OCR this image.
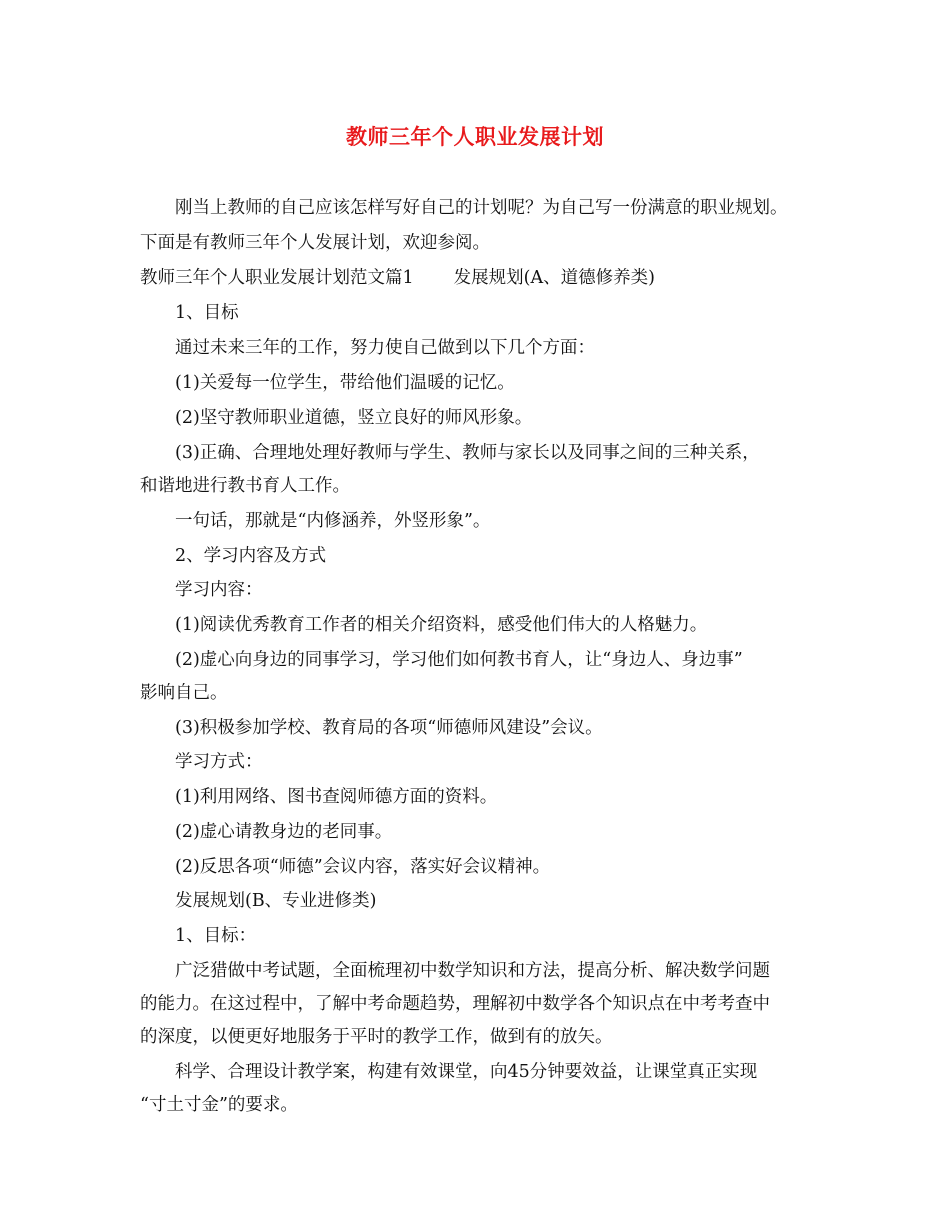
教师三年个人职业发展计划
刚当上教师的自己应该怎样写好自己的计划呢？为自己写一份满意的职业规划。
下面是有教师三年个人发展计划，欢迎参阅。
教师三年个人职业发展计划范文篇1 发展规划(A、道德修养类)
1、目标
通过未来三年的工作，努力使自己做到以下几个方面：
(1)关爱每一位学生，带给他们温暖的记忆。
(2)坚守教师职业道德，竖立良好的师风形象。
(3)正确、合理地处理好教师与学生、教师与家长以及同事之间的三种关系，
和谐地进行教书育人工作。
一句话，那就是“内修涵养，外竖形象”。
2、学习内容及方式
学习内容：
(1)阅读优秀教育工作者的相关介绍资料，感受他们伟大的人格魅力。
(2)虚心向身边的同事学习，学习他们如何教书育人，让“身边人、身边事”
影响自己。
(3)积极参加学校、教育局的各项“师德师风建设”会议。
学习方式：
(1)利用网络、图书查阅师德方面的资料。
(2)虚心请教身边的老同事。
(2)反思各项“师德”会议内容，落实好会议精神。
发展规划(B、专业进修类)
1、目标：
广泛猎做中考试题，全面梳理初中数学知识和方法，提高分析、解决数学问题
的能力。在这过程中，了解中考命题趋势，理解初中数学各个知识点在中考考查中
的深度，以便更好地服务于平时的教学工作，做到有的放矢。
科学、合理设计教学案，构建有效课堂，向45分钟要效益，让课堂真正实现
“寸土寸金”的要求。
